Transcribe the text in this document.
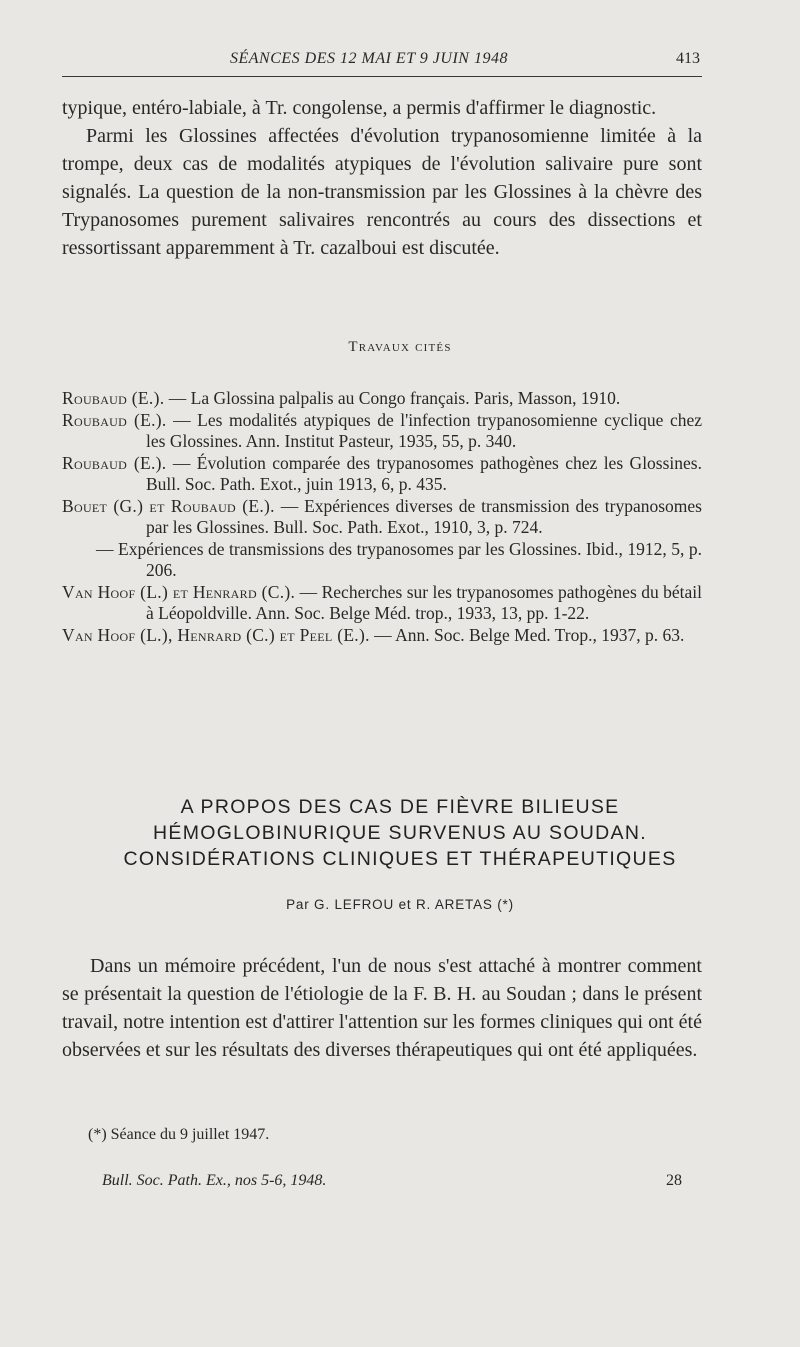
SÉANCES DES 12 MAI ET 9 JUIN 1948	413

typique, entéro-labiale, à Tr. congolense, a permis d'affirmer le diagnostic.

Parmi les Glossines affectées d'évolution trypanosomienne limitée à la trompe, deux cas de modalités atypiques de l'évolution salivaire pure sont signalés. La question de la non-transmission par les Glossines à la chèvre des Trypanosomes purement salivaires rencontrés au cours des dissections et ressortissant apparemment à Tr. cazalboui est discutée.

Travaux cités

Roubaud (E.). — La Glossina palpalis au Congo français. Paris, Masson, 1910.

Roubaud (E.). — Les modalités atypiques de l'infection trypanosomienne cyclique chez les Glossines. Ann. Institut Pasteur, 1935, 55, p. 340.

Roubaud (E.). — Évolution comparée des trypanosomes pathogènes chez les Glossines. Bull. Soc. Path. Exot., juin 1913, 6, p. 435.

Bouet (G.) et Roubaud (E.). — Expériences diverses de transmission des trypanosomes par les Glossines. Bull. Soc. Path. Exot., 1910, 3, p. 724.

— Expériences de transmissions des trypanosomes par les Glossines. Ibid., 1912, 5, p. 206.

Van Hoof (L.) et Henrard (C.). — Recherches sur les trypanosomes pathogènes du bétail à Léopoldville. Ann. Soc. Belge Méd. trop., 1933, 13, pp. 1-22.

Van Hoof (L.), Henrard (C.) et Peel (E.). — Ann. Soc. Belge Med. Trop., 1937, p. 63.

A PROPOS DES CAS DE FIÈVRE BILIEUSE
HÉMOGLOBINURIQUE SURVENUS AU SOUDAN.
CONSIDÉRATIONS CLINIQUES ET THÉRAPEUTIQUES
Par G. LEFROU et R. ARETAS (*)
Dans un mémoire précédent, l'un de nous s'est attaché à montrer comment se présentait la question de l'étiologie de la F. B. H. au Soudan ; dans le présent travail, notre intention est d'attirer l'attention sur les formes cliniques qui ont été observées et sur les résultats des diverses thérapeutiques qui ont été appliquées.
(*) Séance du 9 juillet 1947.
Bull. Soc. Path. Ex., nos 5-6, 1948.	28
